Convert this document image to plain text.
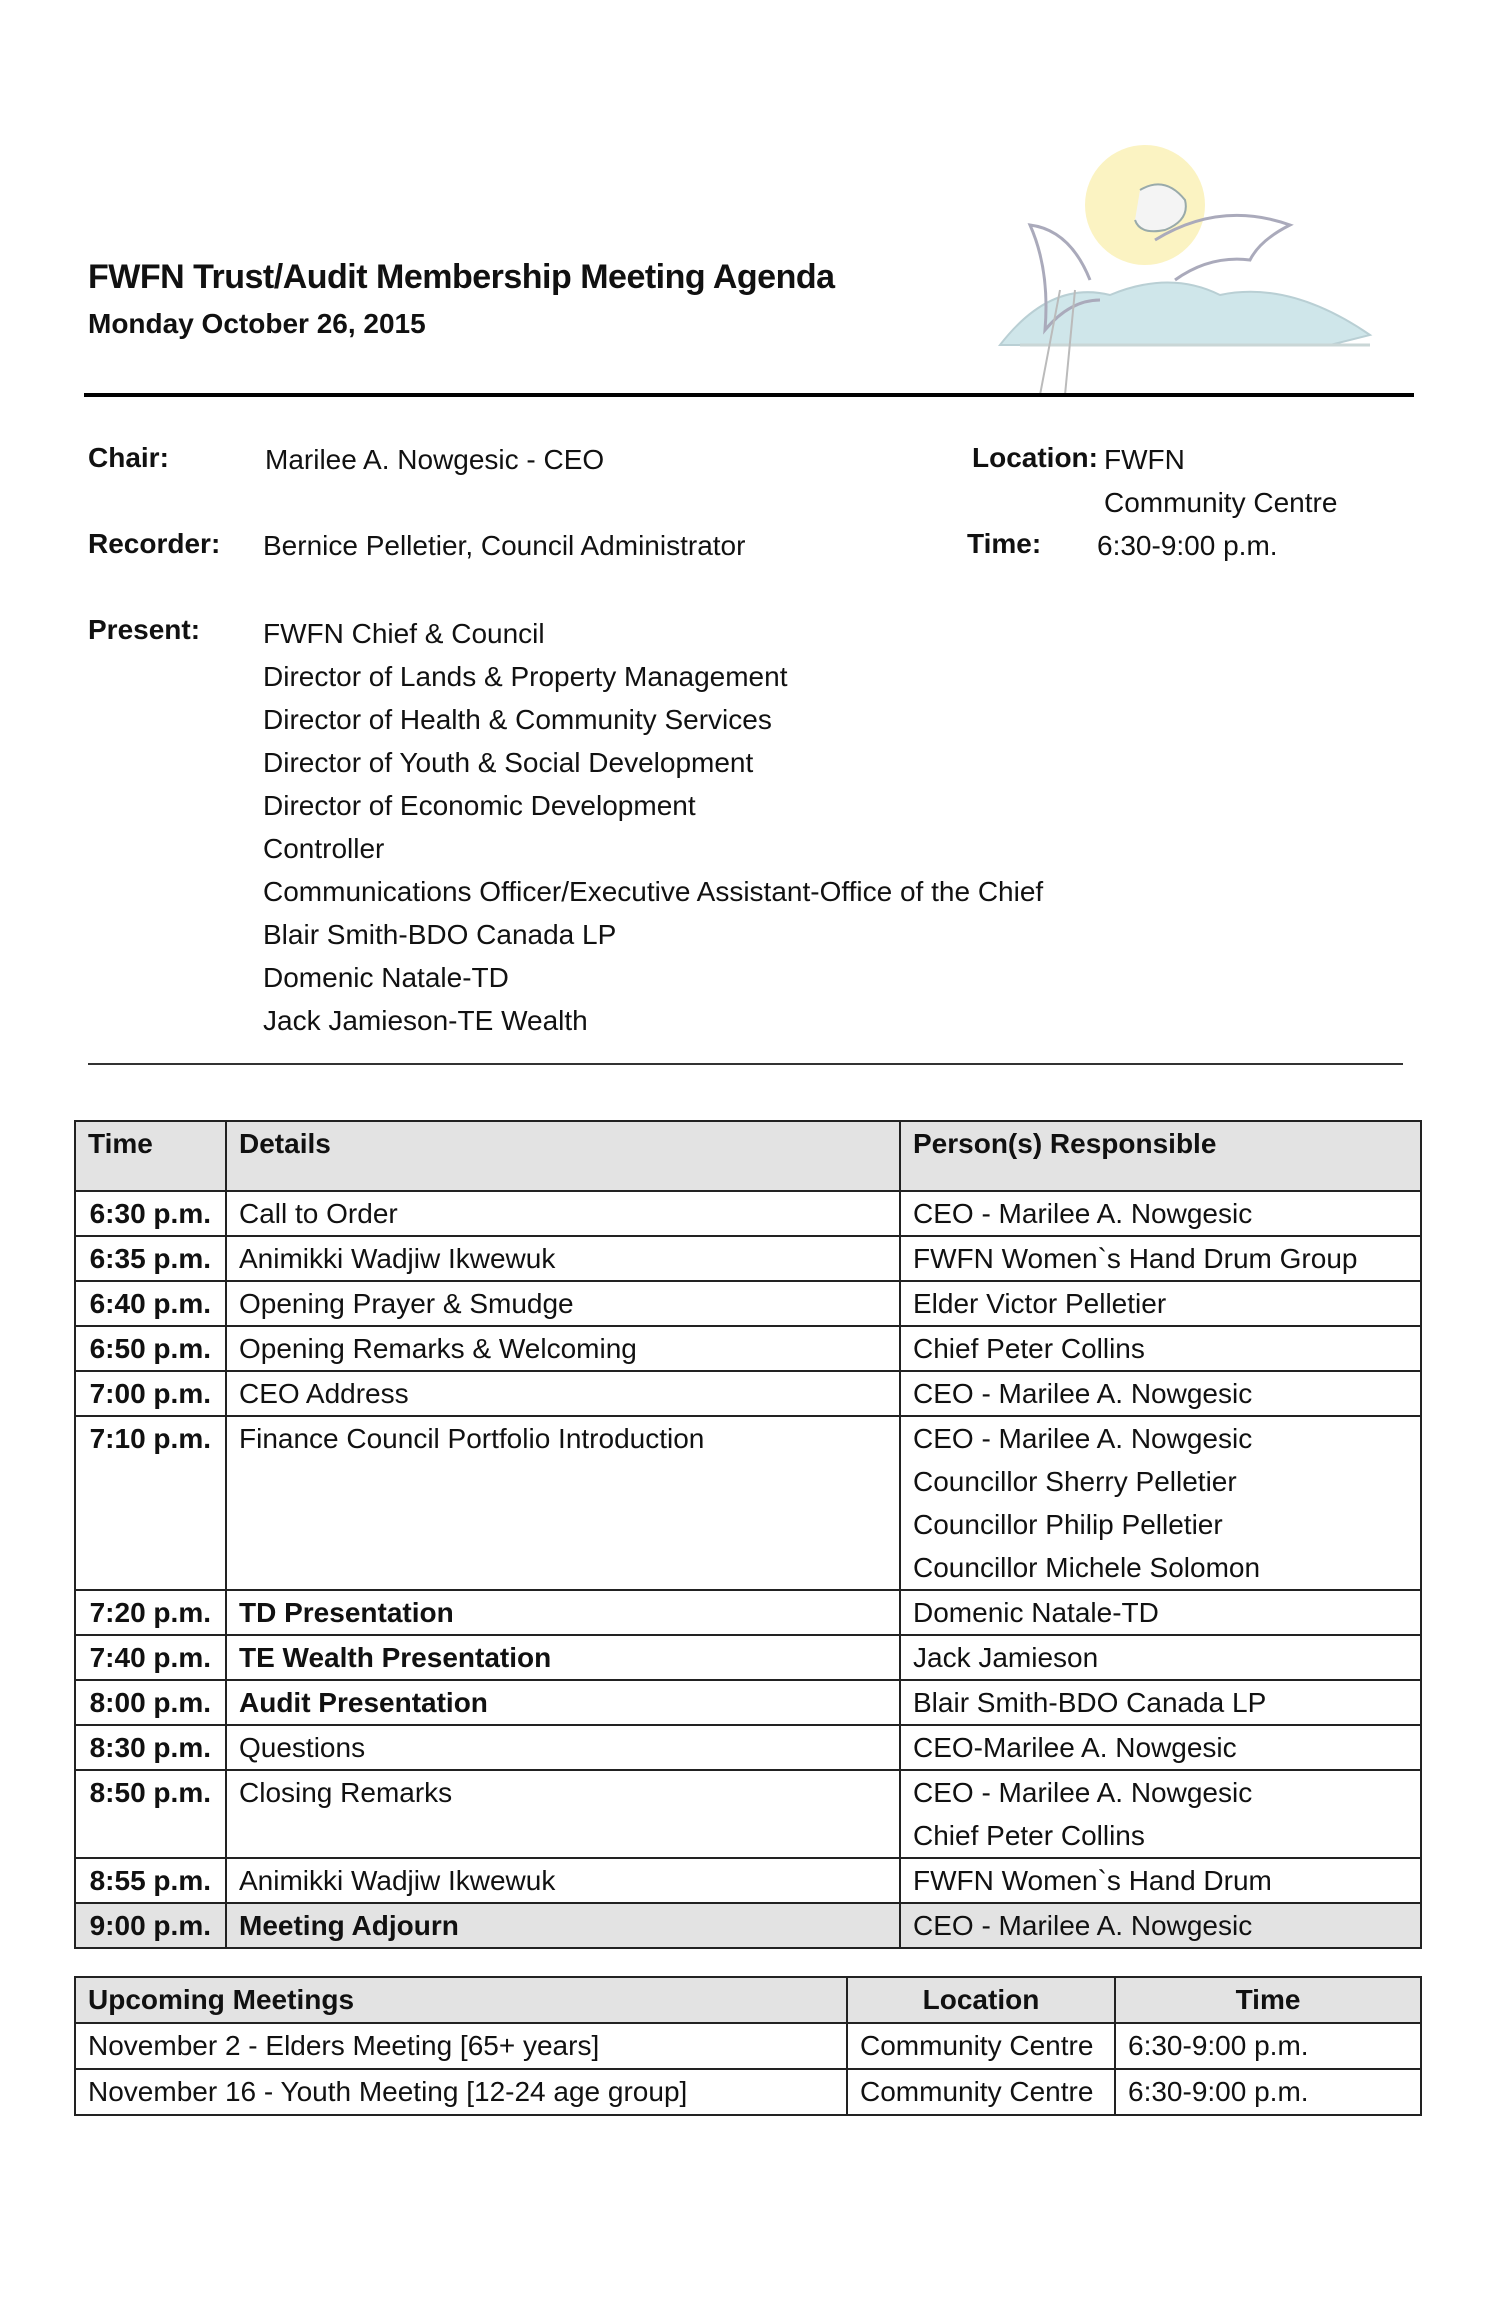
FWFN Trust/Audit Membership Meeting Agenda
Monday October 26, 2015
Chair:	Marilee A. Nowgesic - CEO	Location: FWFN
Community Centre
Recorder: Bernice Pelletier, Council Administrator	Time: 6:30-9:00 p.m.
Present: FWFN Chief & Council
Director of Lands & Property Management
Director of Health & Community Services
Director of Youth & Social Development
Director of Economic Development
Controller
Communications Officer/Executive Assistant-Office of the Chief
Blair Smith-BDO Canada LP
Domenic Natale-TD
Jack Jamieson-TE Wealth
Time	Details	Person(s) Responsible
6:30 p.m.	Call to Order	CEO - Marilee A. Nowgesic

6:35 p.m.	Animikki Wadjiw Ikwewuk	FWFN Women`s Hand Drum Group

6:40 p.m.	Opening Prayer & Smudge	Elder Victor Pelletier

6:50 p.m.	Opening Remarks & Welcoming	Chief Peter Collins

7:00 p.m.	CEO Address	CEO - Marilee A. Nowgesic

7:10 p.m.	Finance Council Portfolio Introduction	CEO - Marilee A. Nowgesic
Councillor Sherry Pelletier
Councillor Philip Pelletier
Councillor Michele Solomon

7:20 p.m.	TD Presentation	Domenic Natale-TD

7:40 p.m.	TE Wealth Presentation	Jack Jamieson

8:00 p.m.	Audit Presentation	Blair Smith-BDO Canada LP

8:30 p.m.	Questions	CEO-Marilee A. Nowgesic

8:50 p.m.	Closing Remarks	CEO - Marilee A. Nowgesic
Chief Peter Collins

8:55 p.m.	Animikki Wadjiw Ikwewuk	FWFN Women`s Hand Drum

9:00 p.m.	Meeting Adjourn	CEO - Marilee A. Nowgesic
Upcoming Meetings	Location	Time
November 2 - Elders Meeting [65+ years]	Community Centre	6:30-9:00 p.m.
November 16 - Youth Meeting [12-24 age group]	Community Centre	6:30-9:00 p.m.
